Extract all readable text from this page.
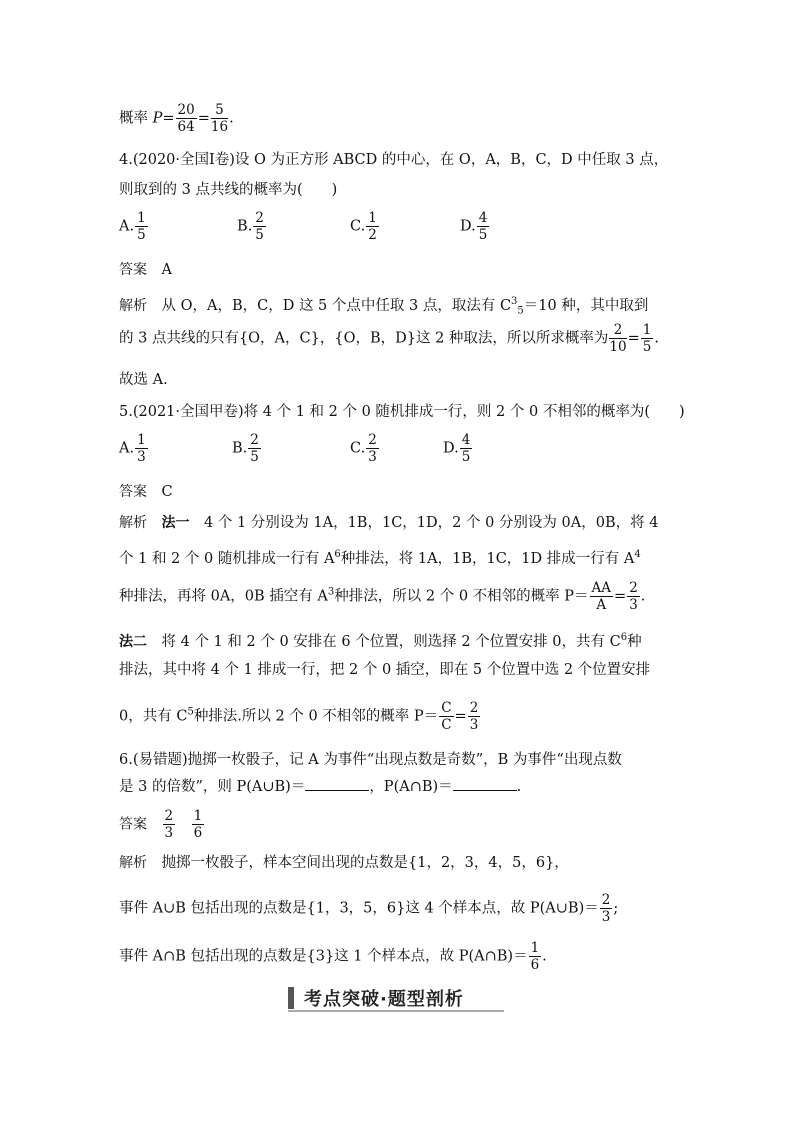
概率 $P= \frac{20}{64} = \frac{5}{16}$ .
4.(2020·全国Ⅰ卷)设 O 为正方形 ABCD 的中心，在 O，A，B，C，D 中任取 3 点，
则取到的 3 点共线的概率为(　　)
A. $\frac{1}{5}$	B. $\frac{2}{5}$	C. $\frac{1}{2}$	D. $\frac{4}{5}$
答案　 A
解析　 从 O，A，B，C，D 这 5 个点中任取 3 点，取法有 $C^3_5=10$ 种，其中取到
的 3 点共线的只有{O，A，C}，{O，B，D}这 2 种取法，所以所求概率为 $\frac{2}{10} = \frac{1}{5}$ .
故选 A.
5.(2021·全国甲卷)将 4 个 1 和 2 个 0 随机排成一行，则 2 个 0 不相邻的概率为(　　)
A. $\frac{1}{3}$	B. $\frac{2}{5}$	C. $\frac{2}{3}$	D. $\frac{4}{5}$
答案　 C
解析　 法一　 4 个 1 分别设为 1A，1B，1C，1D，2 个 0 分别设为 0A，0B，将 4
个 1 和 2 个 0 随机排成一行有 $A^6$种排法，将 1A，1B，1C，1D 排成一行有 $A^4$
种排法，再将 0A，0B 插空有 $A^3$种排法，所以 2 个 0 不相邻的概率 $P= \frac{AA}{A} = \frac{2}{3}$ .
法二　 将 4 个 1 和 2 个 0 安排在 6 个位置，则选择 2 个位置安排 0，共有 $C^6$种
排法，其中将 4 个 1 排成一行，把 2 个 0 插空，即在 5 个位置中选 2 个位置安排
0，共有 $C^5$种排法.所以 2 个 0 不相邻的概率 $P= \frac{C}{C} = \frac{2}{3}$
6.(易错题)抛掷一枚骰子，记 A 为事件“出现点数是奇数”，B 为事件“出现点数
是 3 的倍数”，则 P(A∪B)＝	，P(A∩B)＝	.
答案　 $\frac{2}{3}$
　 $\frac{1}{6}$
解析　 抛掷一枚骰子，样本空间出现的点数是{1，2，3，4，5，6}，
事件 A∪B 包括出现的点数是{1，3，5，6}这 4 个样本点，故 P(A∪B)＝ $\frac{2}{3}$ ;
事件 A∩B 包括出现的点数是{3}这 1 个样本点，故 P(A∩B)＝ $\frac{1}{6}$ .
考点突破·题型剖析
